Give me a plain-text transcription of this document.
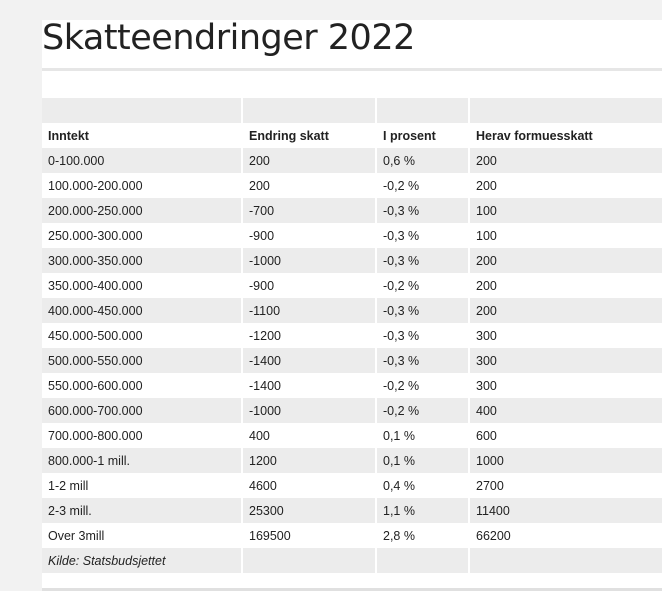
Skatteendringer 2022

Inntekt	Endring skatt	I prosent	Herav formuesskatt
0-100.000	200	0,6 %	200
100.000-200.000	200	-0,2 %	200
200.000-250.000	-700	-0,3 %	100
250.000-300.000	-900	-0,3 %	100
300.000-350.000	-1000	-0,3 %	200
350.000-400.000	-900	-0,2 %	200
400.000-450.000	-1100	-0,3 %	200
450.000-500.000	-1200	-0,3 %	300
500.000-550.000	-1400	-0,3 %	300
550.000-600.000	-1400	-0,2 %	300
600.000-700.000	-1000	-0,2 %	400
700.000-800.000	400	0,1 %	600
800.000-1 mill.	1200	0,1 %	1000
1-2 mill	4600	0,4 %	2700
2-3 mill.	25300	1,1 %	11400
Over 3mill	169500	2,8 %	66200
Kilde: Statsbudsjettet			
